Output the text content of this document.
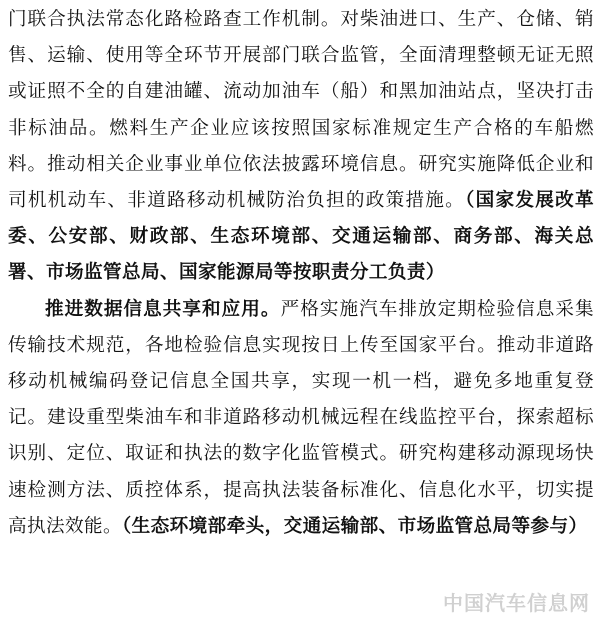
门联合执法常态化路检路查工作机制。对柴油进口、生产、仓储、销售、运输、使用等全环节开展部门联合监管，全面清理整顿无证无照或证照不全的自建油罐、流动加油车（船）和黑加油站点，坚决打击非标油品。燃料生产企业应该按照国家标准规定生产合格的车船燃料。推动相关企业事业单位依法披露环境信息。研究实施降低企业和司机机动车、非道路移动机械防治负担的政策措施。（国家发展改革委、公安部、财政部、生态环境部、交通运输部、商务部、海关总署、市场监管总局、国家能源局等按职责分工负责）

推进数据信息共享和应用。严格实施汽车排放定期检验信息采集传输技术规范，各地检验信息实现按日上传至国家平台。推动非道路移动机械编码登记信息全国共享，实现一机一档，避免多地重复登记。建设重型柴油车和非道路移动机械远程在线监控平台，探索超标识别、定位、取证和执法的数字化监管模式。研究构建移动源现场快速检测方法、质控体系，提高执法装备标准化、信息化水平，切实提高执法效能。（生态环境部牵头，交通运输部、市场监管总局等参与）

中国汽车信息网
